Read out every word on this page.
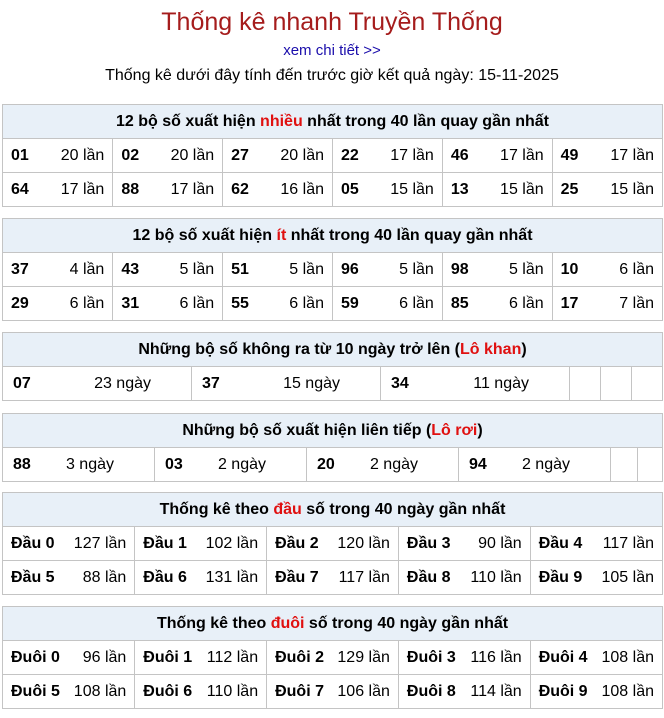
Thống kê nhanh Truyền Thống
xem chi tiết >>
Thống kê dưới đây tính đến trước giờ kết quả ngày: 15-11-2025
12 bộ số xuất hiện nhiều nhất trong 40 lần quay gần nhất
01 20 lần	02 20 lần	27 20 lần	22 17 lần	46 17 lần	49 17 lần

64 17 lần	88 17 lần	62 16 lần	05 15 lần	13 15 lần	25 15 lần
12 bộ số xuất hiện ít nhất trong 40 lần quay gần nhất
37 4 lần	43 5 lần	51 5 lần	96 5 lần	98 5 lần	10 6 lần

29 6 lần	31 6 lần	55 6 lần	59 6 lần	85 6 lần	17 7 lần
Những bộ số không ra từ 10 ngày trở lên (Lô khan)
07	23 ngày	37	15 ngày	34	11 ngày

Những bộ số xuất hiện liên tiếp (Lô rơi)
88 3 ngày	03 2 ngày	20 2 ngày	94 2 ngày

Thống kê theo đầu số trong 40 ngày gần nhất
Đầu 0 127 lần	Đầu 1 102 lần	Đầu 2 120 lần	Đầu 3 90 lần	Đầu 4 117 lần

Đầu 5 88 lần	Đầu 6 131 lần	Đầu 7 117 lần	Đầu 8 110 lần	Đầu 9 105 lần
Thống kê theo đuôi số trong 40 ngày gần nhất
Đuôi 0 96 lần	Đuôi 1 112 lần	Đuôi 2 129 lần	Đuôi 3 116 lần	Đuôi 4 108 lần

Đuôi 5 108 lần	Đuôi 6 110 lần	Đuôi 7 106 lần	Đuôi 8 114 lần	Đuôi 9 108 lần
